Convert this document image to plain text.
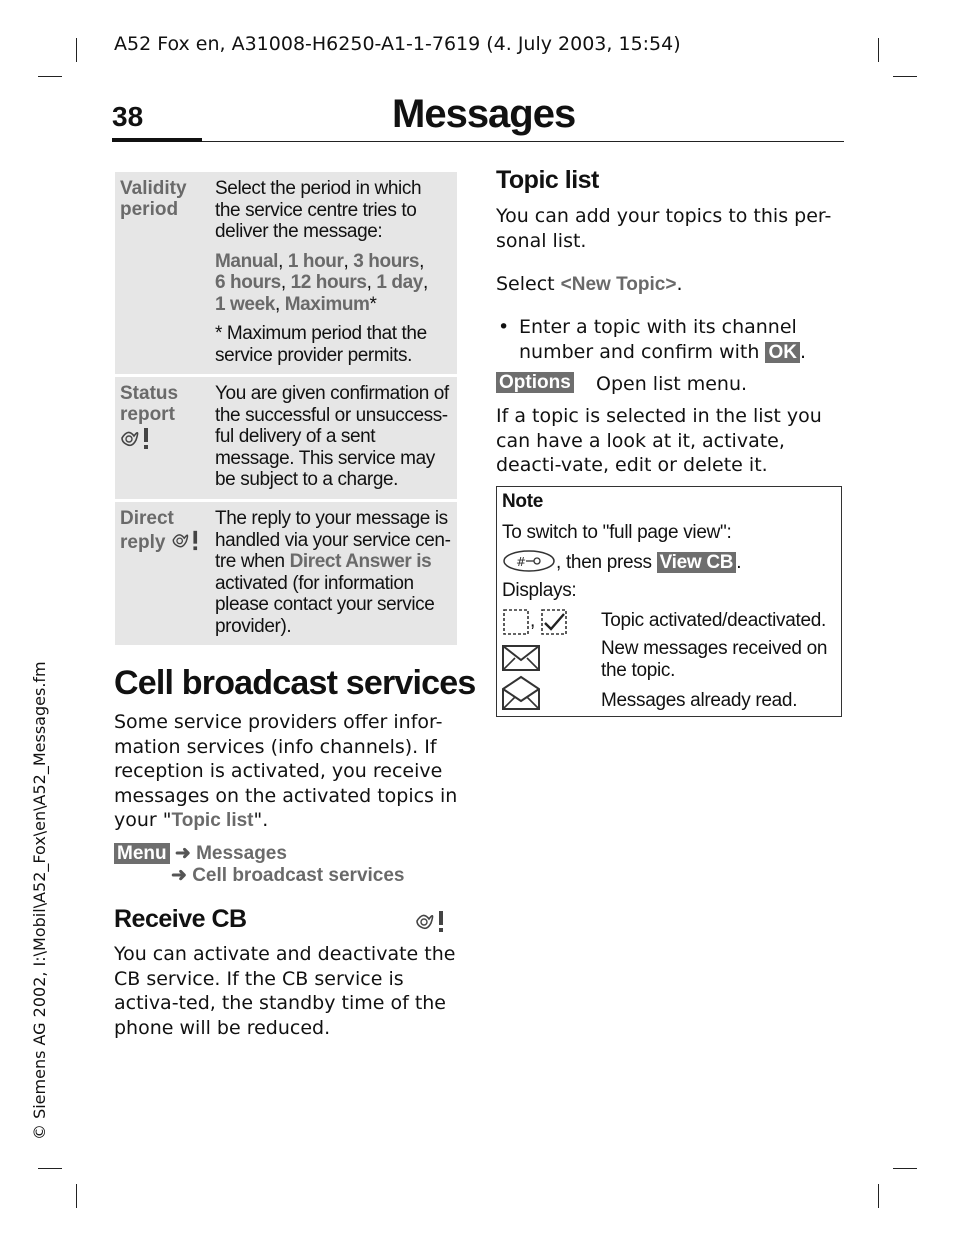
A52 Fox en, A31008-H6250-A1-1-7619 (4. July 2003, 15:54)
38	Messages
© Siemens AG 2002, I:\Mobil\A52_Fox\en\A52_Messages.fm
Validity
period
Select the period in which the service centre tries to deliver the message:
Manual, 1 hour, 3 hours,
6 hours, 12 hours, 1 day,
1 week, Maximum*
* Maximum period that the service provider permits.
Status
report
You are given confirmation of the successful or unsuccess-ful delivery of a sent message. This service may be subject to a charge.
Direct
reply
The reply to your message is handled via your service cen-tre when Direct Answer is activated (for information please contact your service provider).
Cell broadcast services
Some service providers offer infor-mation services (info channels). If reception is activated, you receive messages on the activated topics in your "Topic list".
Menu ➜ Messages
➜ Cell broadcast services
Receive CB
You can activate and deactivate the CB service. If the CB service is activa-ted, the standby time of the phone will be reduced.
Topic list
You can add your topics to this per-sonal list.
Select <New Topic>.
• Enter a topic with its channel number and confirm with OK .
Options Open list menu.
If a topic is selected in the list you can have a look at it, activate, deacti-vate, edit or delete it.
Note
To switch to "full page view":
# , then press View CB .
Displays:
,	Topic activated/deactivated.
New messages received on the topic.
Messages already read.
